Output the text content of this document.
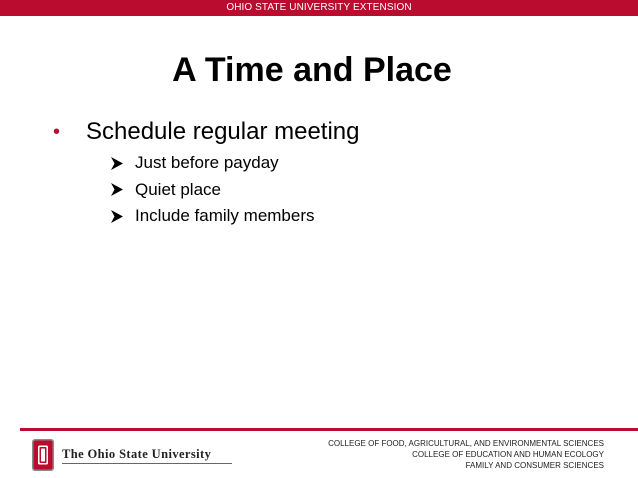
OHIO STATE UNIVERSITY EXTENSION
A Time and Place
•	Schedule regular meeting
Just before payday
Quiet place
Include family members
The Ohio State University
COLLEGE OF FOOD, AGRICULTURAL, AND ENVIRONMENTAL SCIENCES
COLLEGE OF EDUCATION AND HUMAN ECOLOGY
FAMILY AND CONSUMER SCIENCES
